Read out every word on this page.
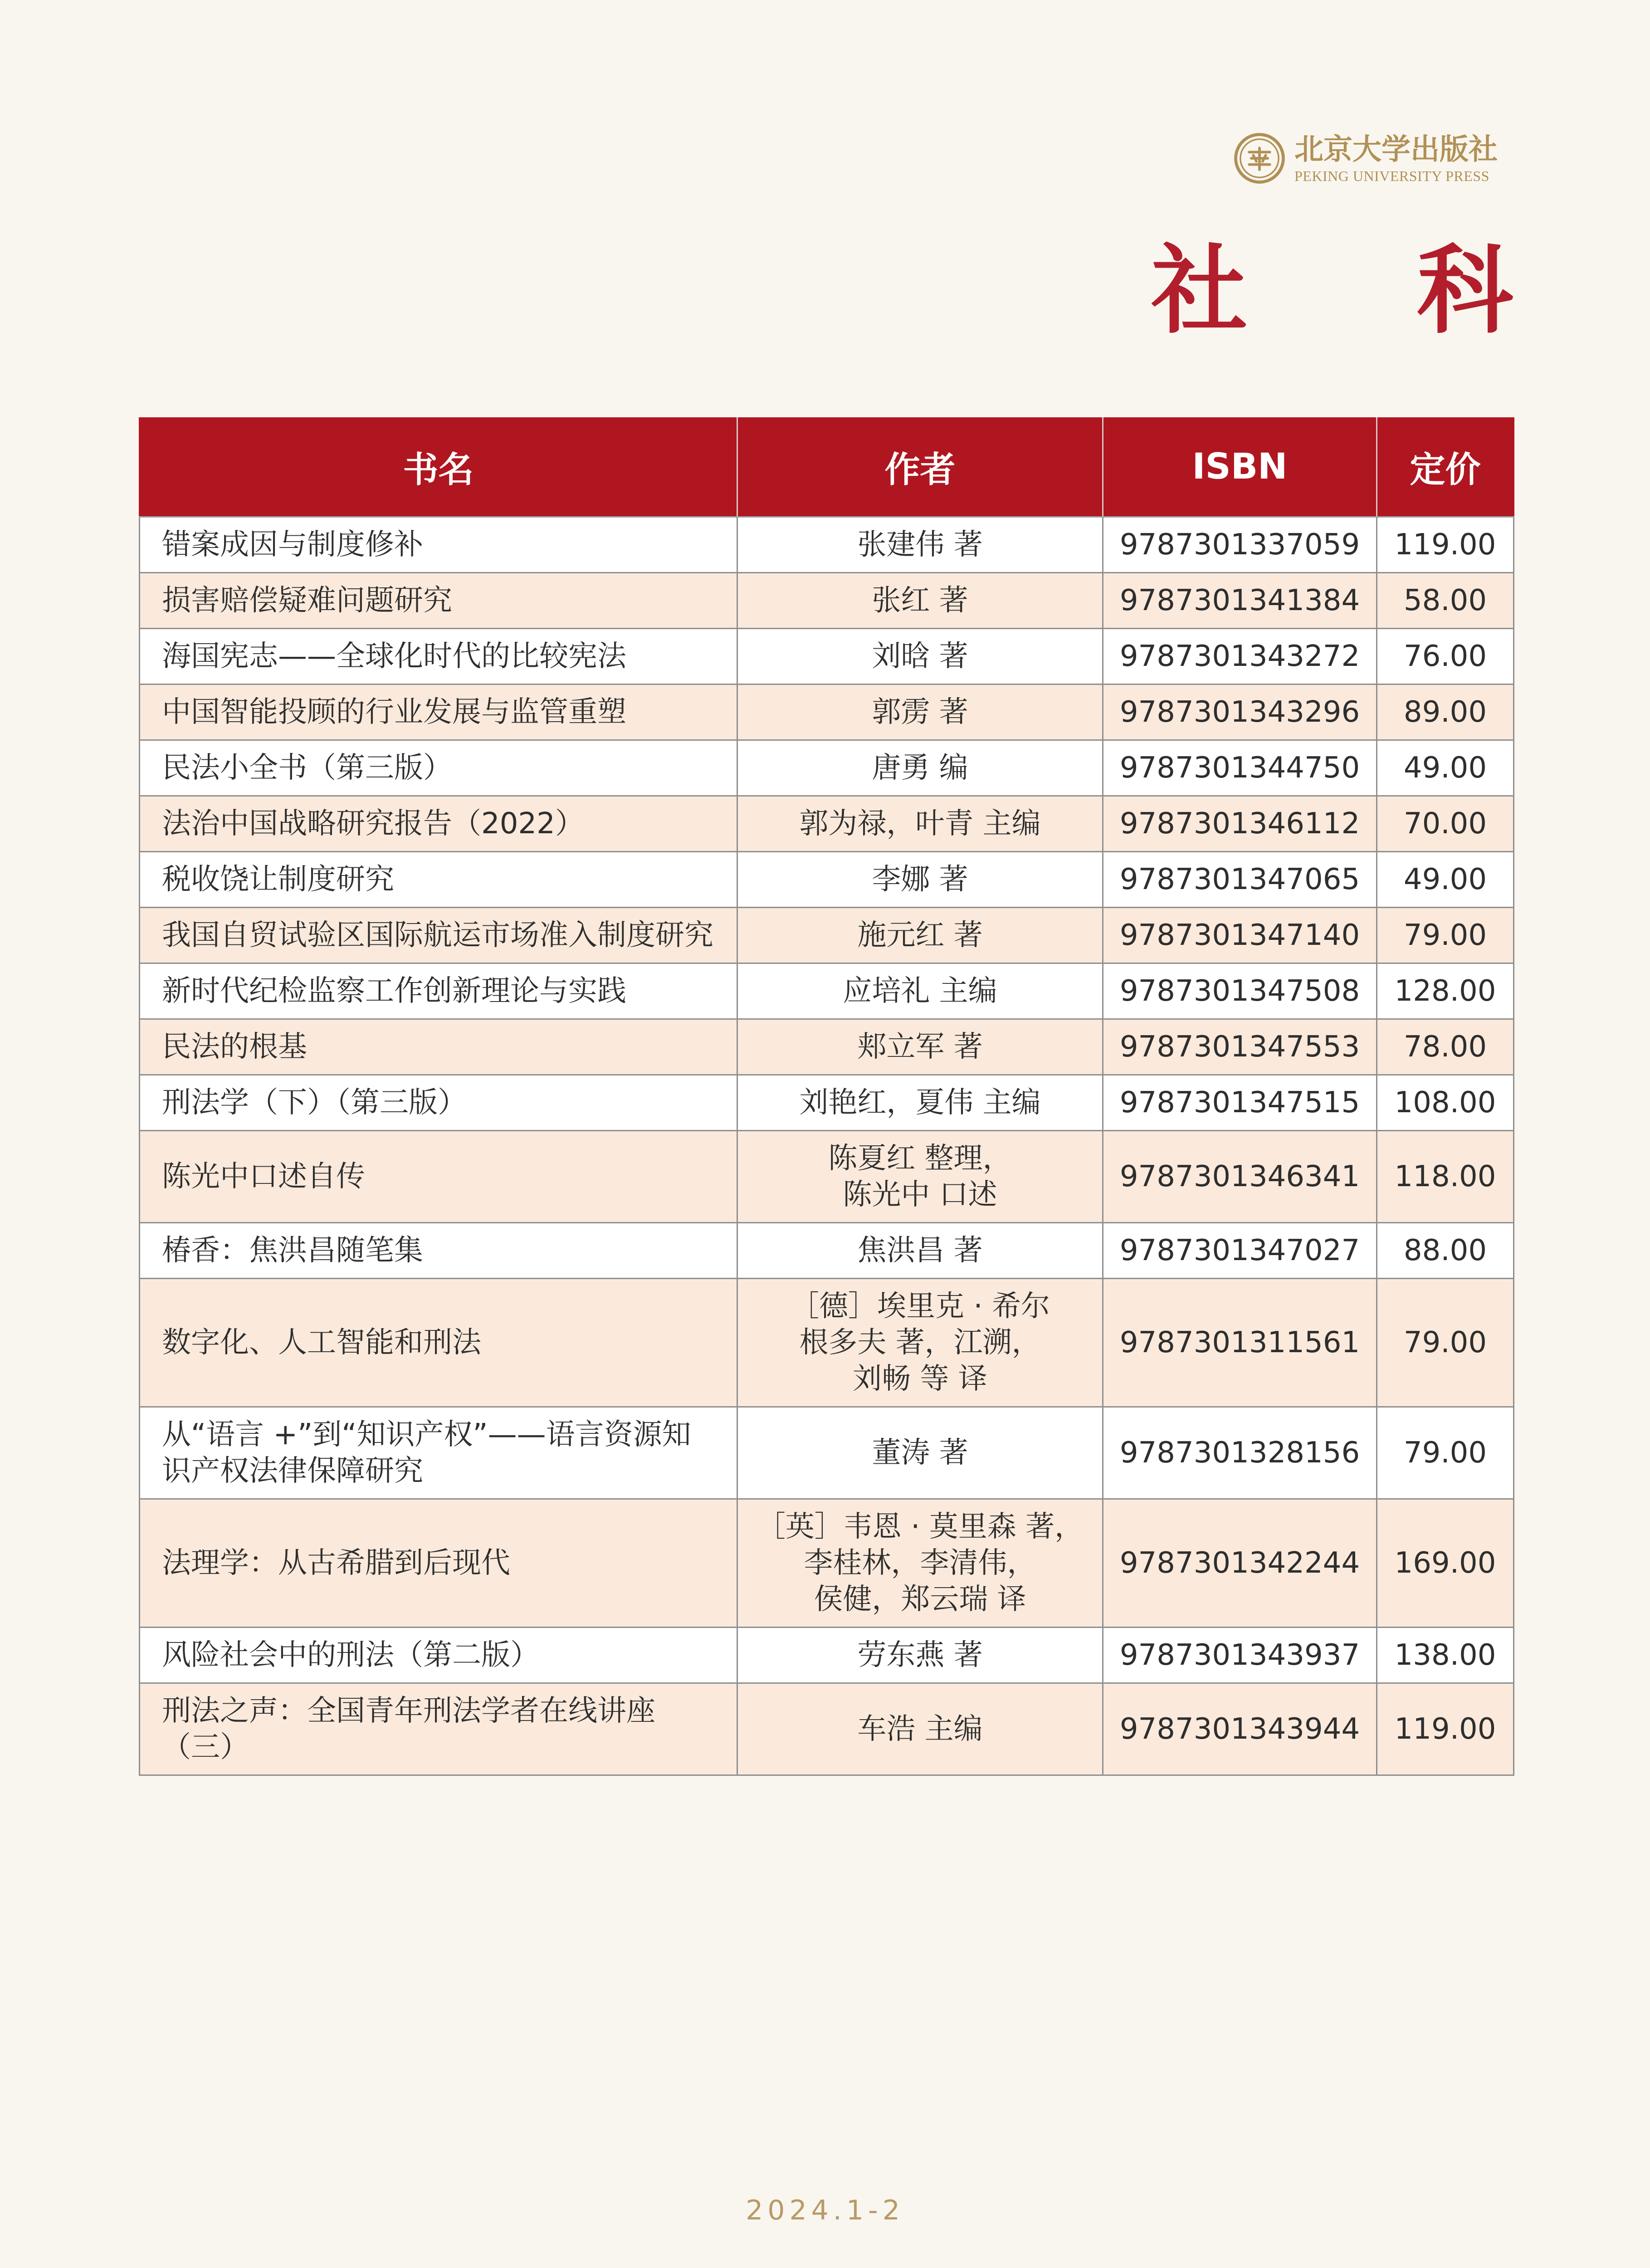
北京大学出版社
PEKING UNIVERSITY PRESS
社 科
书名	作者	ISBN	定价
错案成因与制度修补	张建伟 著	9787301337059	119.00
损害赔偿疑难问题研究	张红 著	9787301341384	58.00
海国宪志——全球化时代的比较宪法	刘晗 著	9787301343272	76.00
中国智能投顾的行业发展与监管重塑	郭雳 著	9787301343296	89.00
民法小全书（第三版）	唐勇 编	9787301344750	49.00
法治中国战略研究报告（2022）	郭为禄，叶青 主编	9787301346112	70.00
税收饶让制度研究	李娜 著	9787301347065	49.00
我国自贸试验区国际航运市场准入制度研究	施元红 著	9787301347140	79.00
新时代纪检监察工作创新理论与实践	应培礼 主编	9787301347508	128.00
民法的根基	郏立军 著	9787301347553	78.00
刑法学（下）（第三版）	刘艳红，夏伟 主编	9787301347515	108.00
陈光中口述自传	陈夏红 整理，
陈光中 口述	9787301346341	118.00
椿香：焦洪昌随笔集	焦洪昌 著	9787301347027	88.00
数字化、人工智能和刑法	［德］埃里克 · 希尔
根多夫 著，江溯，
刘畅 等 译	9787301311561	79.00
从“语言 +”到“知识产权”——语言资源知识产权法律保障研究	董涛 著	9787301328156	79.00
法理学：从古希腊到后现代	［英］韦恩 · 莫里森 著，
李桂林，李清伟，
侯健，郑云瑞 译	9787301342244	169.00
风险社会中的刑法（第二版）	劳东燕 著	9787301343937	138.00
刑法之声：全国青年刑法学者在线讲座（三）	车浩 主编	9787301343944	119.00
2024.1-2
